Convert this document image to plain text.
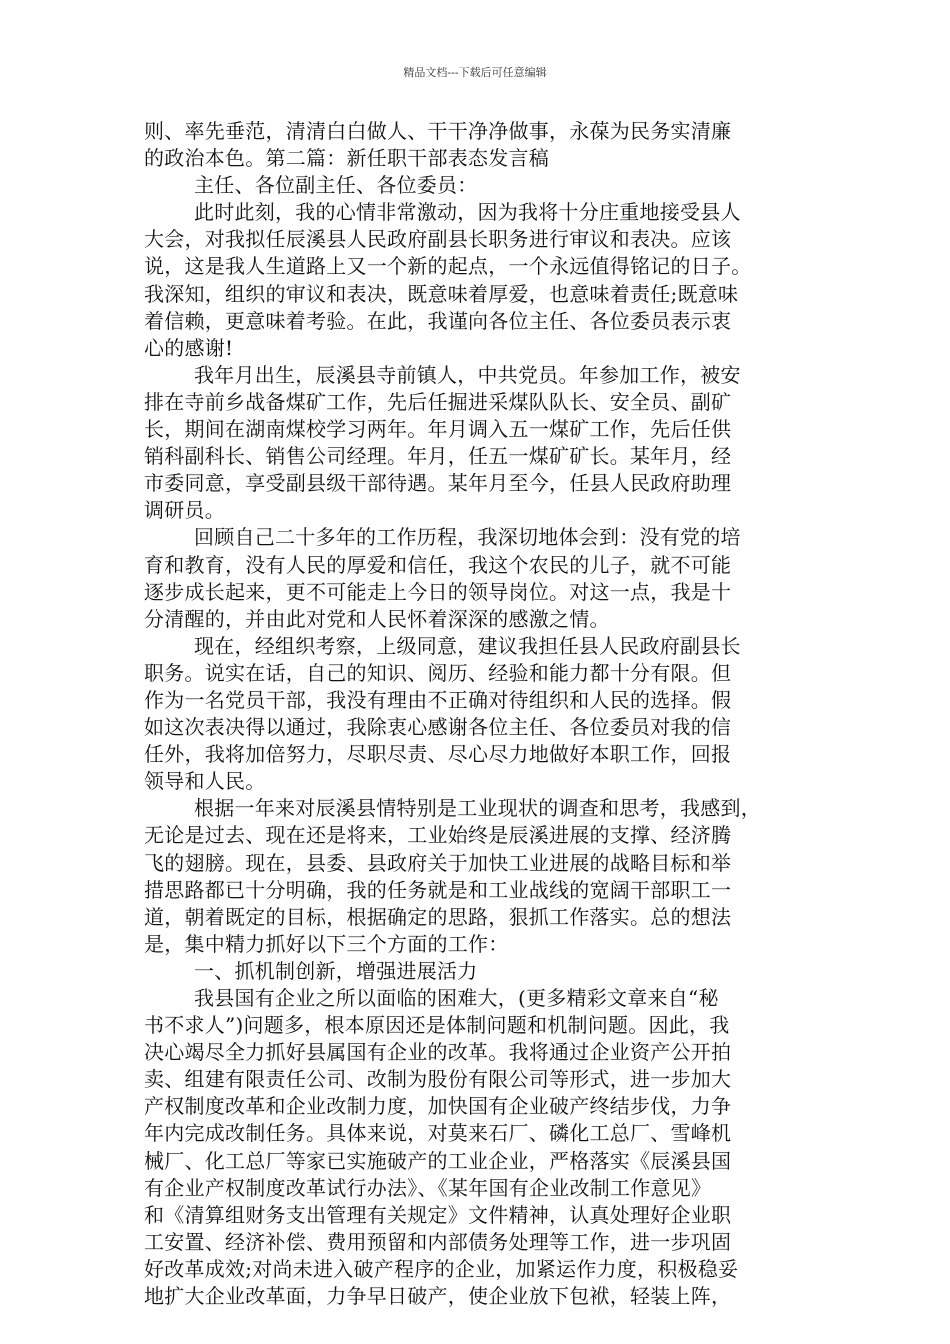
精品文档---下载后可任意编辑
则、率先垂范，清清白白做人、干干净净做事，永葆为民务实清廉
的政治本色。第二篇：新任职干部表态发言稿
主任、各位副主任、各位委员：
此时此刻，我的心情非常激动，因为我将十分庄重地接受县人
大会，对我拟任辰溪县人民政府副县长职务进行审议和表决。应该
说，这是我人生道路上又一个新的起点，一个永远值得铭记的日子。
我深知，组织的审议和表决，既意味着厚爱，也意味着责任;既意味
着信赖，更意味着考验。在此，我谨向各位主任、各位委员表示衷
心的感谢!
我年月出生，辰溪县寺前镇人，中共党员。年参加工作，被安
排在寺前乡战备煤矿工作，先后任掘进采煤队队长、安全员、副矿
长，期间在湖南煤校学习两年。年月调入五一煤矿工作，先后任供
销科副科长、销售公司经理。年月，任五一煤矿矿长。某年月，经
市委同意，享受副县级干部待遇。某年月至今，任县人民政府助理
调研员。
回顾自己二十多年的工作历程，我深切地体会到：没有党的培
育和教育，没有人民的厚爱和信任，我这个农民的儿子，就不可能
逐步成长起来，更不可能走上今日的领导岗位。对这一点，我是十
分清醒的，并由此对党和人民怀着深深的感激之情。
现在，经组织考察，上级同意，建议我担任县人民政府副县长
职务。说实在话，自己的知识、阅历、经验和能力都十分有限。但
作为一名党员干部，我没有理由不正确对待组织和人民的选择。假
如这次表决得以通过，我除衷心感谢各位主任、各位委员对我的信
任外，我将加倍努力，尽职尽责、尽心尽力地做好本职工作，回报
领导和人民。
根据一年来对辰溪县情特别是工业现状的调查和思考，我感到，
无论是过去、现在还是将来，工业始终是辰溪进展的支撑、经济腾
飞的翅膀。现在，县委、县政府关于加快工业进展的战略目标和举
措思路都已十分明确，我的任务就是和工业战线的宽阔干部职工一
道，朝着既定的目标，根据确定的思路，狠抓工作落实。总的想法
是，集中精力抓好以下三个方面的工作：
一、抓机制创新，增强进展活力
我县国有企业之所以面临的困难大，(更多精彩文章来自“秘
书不求人”)问题多，根本原因还是体制问题和机制问题。因此，我
决心竭尽全力抓好县属国有企业的改革。我将通过企业资产公开拍
卖、组建有限责任公司、改制为股份有限公司等形式，进一步加大
产权制度改革和企业改制力度，加快国有企业破产终结步伐，力争
年内完成改制任务。具体来说，对莫来石厂、磷化工总厂、雪峰机
械厂、化工总厂等家已实施破产的工业企业，严格落实《辰溪县国
有企业产权制度改革试行办法》、《某年国有企业改制工作意见》
和《清算组财务支出管理有关规定》文件精神，认真处理好企业职
工安置、经济补偿、费用预留和内部债务处理等工作，进一步巩固
好改革成效;对尚未进入破产程序的企业，加紧运作力度，积极稳妥
地扩大企业改革面，力争早日破产，使企业放下包袱，轻装上阵，
